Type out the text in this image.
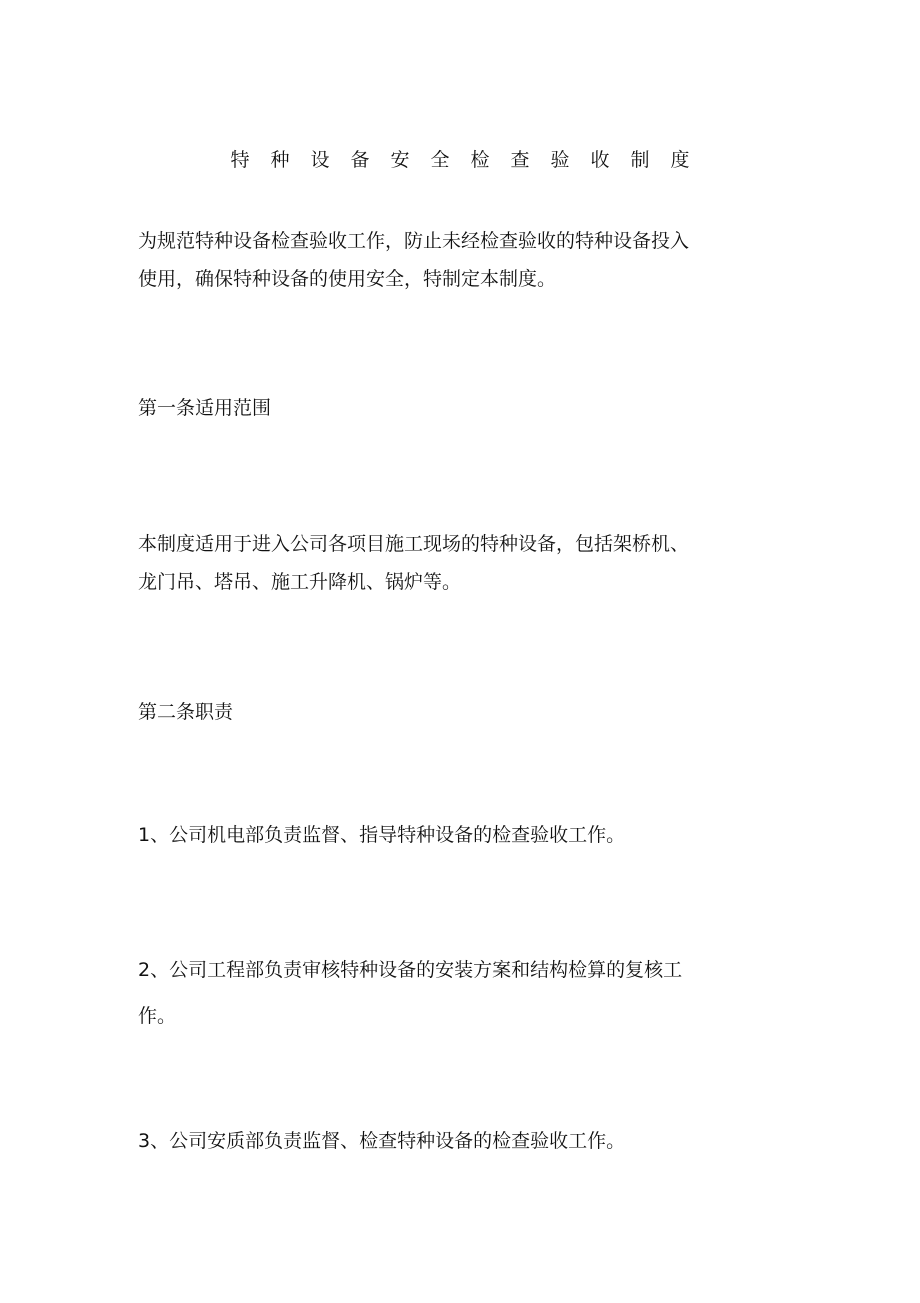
特种设备安全检查验收制度

为规范特种设备检查验收工作，防止未经检查验收的特种设备投入
使用，确保特种设备的使用安全，特制定本制度。

第一条适用范围

本制度适用于进入公司各项目施工现场的特种设备，包括架桥机、
龙门吊、塔吊、施工升降机、锅炉等。

第二条职责

1、公司机电部负责监督、指导特种设备的检查验收工作。

2、公司工程部负责审核特种设备的安装方案和结构检算的复核工
作。

3、公司安质部负责监督、检查特种设备的检查验收工作。
